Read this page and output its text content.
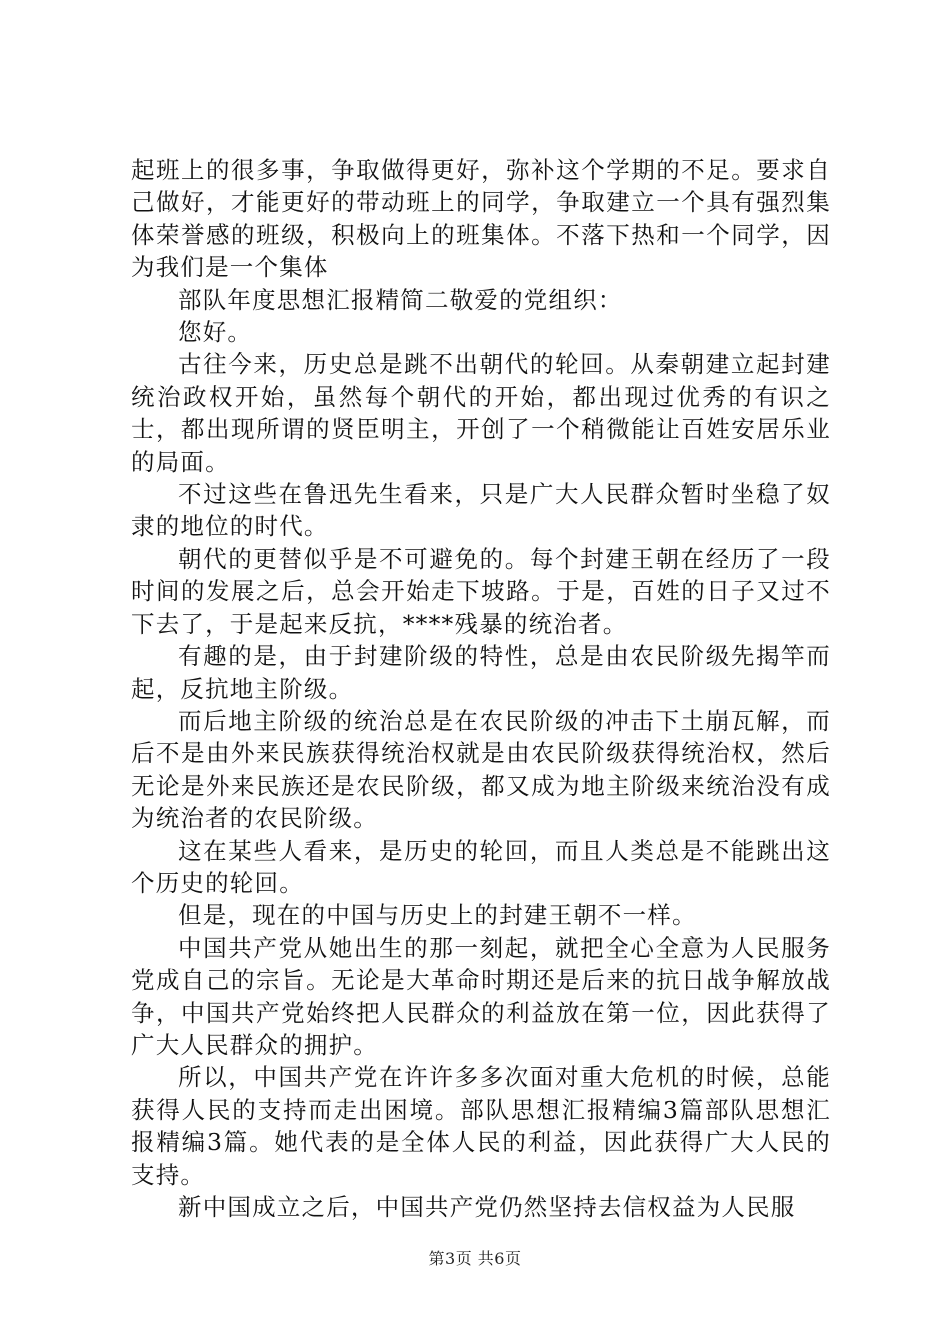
起班上的很多事，争取做得更好，弥补这个学期的不足。要求自己做好，才能更好的带动班上的同学，争取建立一个具有强烈集体荣誉感的班级，积极向上的班集体。不落下热和一个同学，因为我们是一个集体

部队年度思想汇报精简二敬爱的党组织：

您好。

古往今来，历史总是跳不出朝代的轮回。从秦朝建立起封建统治政权开始，虽然每个朝代的开始，都出现过优秀的有识之士，都出现所谓的贤臣明主，开创了一个稍微能让百姓安居乐业的局面。

不过这些在鲁迅先生看来，只是广大人民群众暂时坐稳了奴隶的地位的时代。

朝代的更替似乎是不可避免的。每个封建王朝在经历了一段时间的发展之后，总会开始走下坡路。于是，百姓的日子又过不下去了，于是起来反抗，****残暴的统治者。

有趣的是，由于封建阶级的特性，总是由农民阶级先揭竿而起，反抗地主阶级。

而后地主阶级的统治总是在农民阶级的冲击下土崩瓦解，而后不是由外来民族获得统治权就是由农民阶级获得统治权，然后无论是外来民族还是农民阶级，都又成为地主阶级来统治没有成为统治者的农民阶级。

这在某些人看来，是历史的轮回，而且人类总是不能跳出这个历史的轮回。

但是，现在的中国与历史上的封建王朝不一样。

中国共产党从她出生的那一刻起，就把全心全意为人民服务党成自己的宗旨。无论是大革命时期还是后来的抗日战争解放战争，中国共产党始终把人民群众的利益放在第一位，因此获得了广大人民群众的拥护。

所以，中国共产党在许许多多次面对重大危机的时候，总能获得人民的支持而走出困境。部队思想汇报精编3篇部队思想汇报精编3篇。她代表的是全体人民的利益，因此获得广大人民的支持。

新中国成立之后，中国共产党仍然坚持去信权益为人民服

第3页 共6页
